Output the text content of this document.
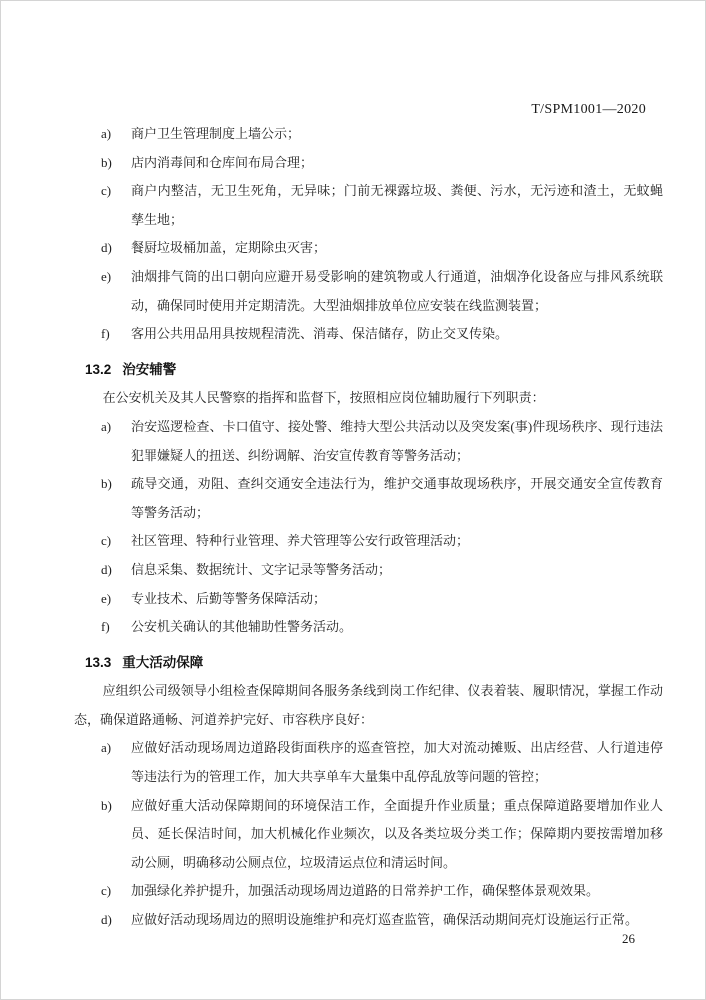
T/SPM1001—2020
a) 商户卫生管理制度上墙公示；
b) 店内消毒间和仓库间布局合理；
c) 商户内整洁，无卫生死角，无异味；门前无裸露垃圾、粪便、污水，无污迹和渣土，无蚊蝇孳生地；
d) 餐厨垃圾桶加盖，定期除虫灭害；
e) 油烟排气筒的出口朝向应避开易受影响的建筑物或人行通道，油烟净化设备应与排风系统联动，确保同时使用并定期清洗。大型油烟排放单位应安装在线监测装置；
f) 客用公共用品用具按规程清洗、消毒、保洁储存，防止交叉传染。
13.2 治安辅警

在公安机关及其人民警察的指挥和监督下，按照相应岗位辅助履行下列职责：

a) 治安巡逻检查、卡口值守、接处警、维持大型公共活动以及突发案(事)件现场秩序、现行违法犯罪嫌疑人的扭送、纠纷调解、治安宣传教育等警务活动；
b) 疏导交通，劝阻、查纠交通安全违法行为，维护交通事故现场秩序，开展交通安全宣传教育等警务活动；
c) 社区管理、特种行业管理、养犬管理等公安行政管理活动；
d) 信息采集、数据统计、文字记录等警务活动；
e) 专业技术、后勤等警务保障活动；
f) 公安机关确认的其他辅助性警务活动。
13.3 重大活动保障

应组织公司级领导小组检查保障期间各服务条线到岗工作纪律、仪表着装、履职情况，掌握工作动态，确保道路通畅、河道养护完好、市容秩序良好：

a) 应做好活动现场周边道路段街面秩序的巡查管控，加大对流动摊贩、出店经营、人行道违停等违法行为的管理工作，加大共享单车大量集中乱停乱放等问题的管控；
b) 应做好重大活动保障期间的环境保洁工作，全面提升作业质量；重点保障道路要增加作业人员、延长保洁时间，加大机械化作业频次，以及各类垃圾分类工作；保障期内要按需增加移动公厕，明确移动公厕点位，垃圾清运点位和清运时间。
c) 加强绿化养护提升，加强活动现场周边道路的日常养护工作，确保整体景观效果。
d) 应做好活动现场周边的照明设施维护和亮灯巡查监管，确保活动期间亮灯设施运行正常。
26
